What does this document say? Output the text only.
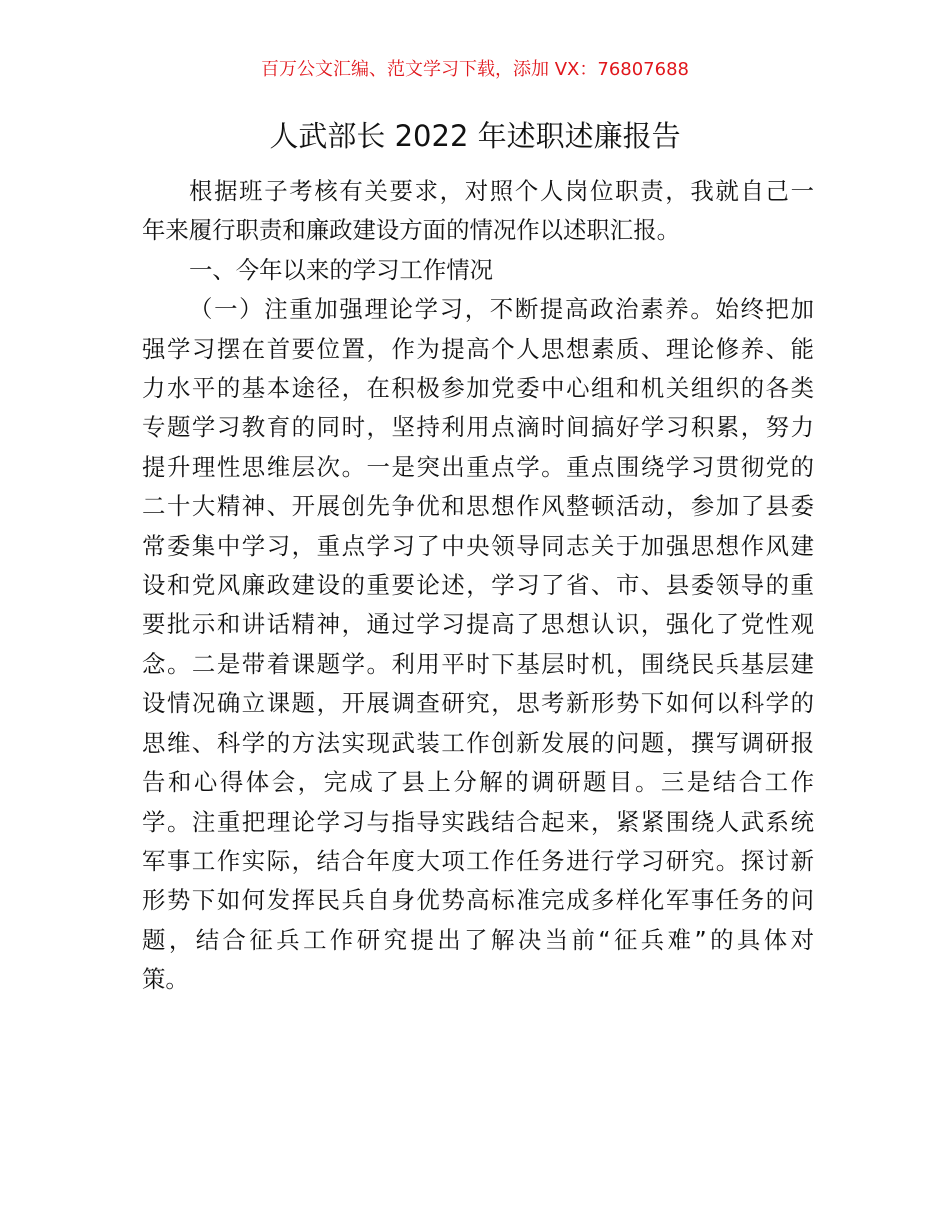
百万公文汇编、范文学习下载，添加 VX：76807688
人武部长 2022 年述职述廉报告

根据班子考核有关要求，对照个人岗位职责，我就自己一
年来履行职责和廉政建设方面的情况作以述职汇报。

一、今年以来的学习工作情况

（一）注重加强理论学习，不断提高政治素养。始终把加
强学习摆在首要位置，作为提高个人思想素质、理论修养、能
力水平的基本途径，在积极参加党委中心组和机关组织的各类
专题学习教育的同时，坚持利用点滴时间搞好学习积累，努力
提升理性思维层次。一是突出重点学。重点围绕学习贯彻党的
二十大精神、开展创先争优和思想作风整顿活动，参加了县委
常委集中学习，重点学习了中央领导同志关于加强思想作风建
设和党风廉政建设的重要论述，学习了省、市、县委领导的重
要批示和讲话精神，通过学习提高了思想认识，强化了党性观
念。二是带着课题学。利用平时下基层时机，围绕民兵基层建
设情况确立课题，开展调查研究，思考新形势下如何以科学的
思维、科学的方法实现武装工作创新发展的问题，撰写调研报
告和心得体会，完成了县上分解的调研题目。三是结合工作
学。注重把理论学习与指导实践结合起来，紧紧围绕人武系统
军事工作实际，结合年度大项工作任务进行学习研究。探讨新
形势下如何发挥民兵自身优势高标准完成多样化军事任务的问
题，结合征兵工作研究提出了解决当前“征兵难”的具体对
策。
